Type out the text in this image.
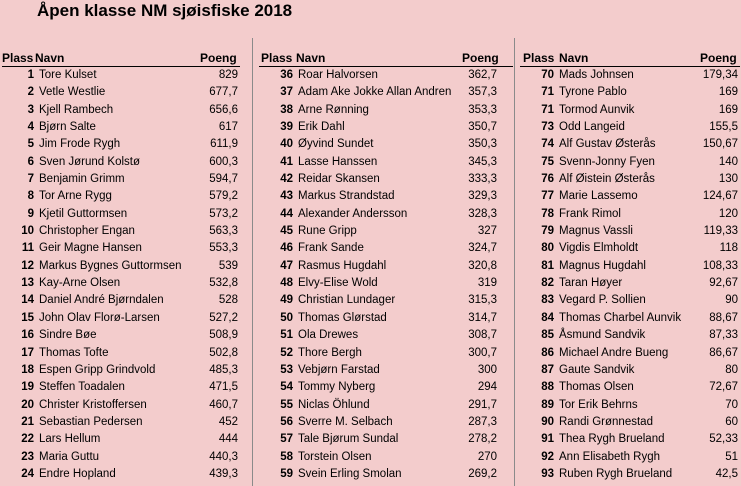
Åpen klasse NM sjøisfiske 2018
Plass Navn	Poeng
1 Tore Kulset	829
2 Vetle Westlie	677,7
3 Kjell Rambech	656,6
4 Bjørn Salte	617
5 Jim Frode Rygh	611,9
6 Sven Jørund Kolstø	600,3
7 Benjamin Grimm	594,7
8 Tor Arne Rygg	579,2
9 Kjetil Guttormsen	573,2
10 Christopher Engan	563,3
11 Geir Magne Hansen	553,3
12 Markus Bygnes Guttormsen	539
13 Kay-Arne Olsen	532,8
14 Daniel André Bjørndalen	528
15 John Olav Florø-Larsen	527,2
16 Sindre Bøe	508,9
17 Thomas Tofte	502,8
18 Espen Gripp Grindvold	485,3
19 Steffen Toadalen	471,5
20 Christer Kristoffersen	460,7
21 Sebastian Pedersen	452
22 Lars Hellum	444
23 Maria Guttu	440,3
24 Endre Hopland	439,3
Plass Navn	Poeng
36 Roar Halvorsen	362,7
37 Adam Ake Jokke Allan Andren	357,3
38 Arne Rønning	353,3
39 Erik Dahl	350,7
40 Øyvind Sundet	350,3
41 Lasse Hanssen	345,3
42 Reidar Skansen	333,3
43 Markus Strandstad	329,3
44 Alexander Andersson	328,3
45 Rune Gripp	327
46 Frank Sande	324,7
47 Rasmus Hugdahl	320,8
48 Elvy-Elise Wold	319
49 Christian Lundager	315,3
50 Thomas Glørstad	314,7
51 Ola Drewes	308,7
52 Thore Bergh	300,7
53 Vebjørn Farstad	300
54 Tommy Nyberg	294
55 Niclas Öhlund	291,7
56 Sverre M. Selbach	287,3
57 Tale Bjørum Sundal	278,2
58 Torstein Olsen	270
59 Svein Erling Smolan	269,2
Plass Navn	Poeng
70 Mads Johnsen	179,34
71 Tyrone Pablo	169
71 Tormod Aunvik	169
73 Odd Langeid	155,5
74 Alf Gustav Østerås	150,67
75 Svenn-Jonny Fyen	140
76 Alf Øistein Østerås	130
77 Marie Lassemo	124,67
78 Frank Rimol	120
79 Magnus Vassli	119,33
80 Vigdis Elmholdt	118
81 Magnus Hugdahl	108,33
82 Taran Høyer	92,67
83 Vegard P. Sollien	90
84 Thomas Charbel Aunvik	88,67
85 Åsmund Sandvik	87,33
86 Michael Andre Bueng	86,67
87 Gaute Sandvik	80
88 Thomas Olsen	72,67
89 Tor Erik Behrns	70
90 Randi Grønnestad	60
91 Thea Rygh Brueland	52,33
92 Ann Elisabeth Rygh	51
93 Ruben Rygh Brueland	42,5
